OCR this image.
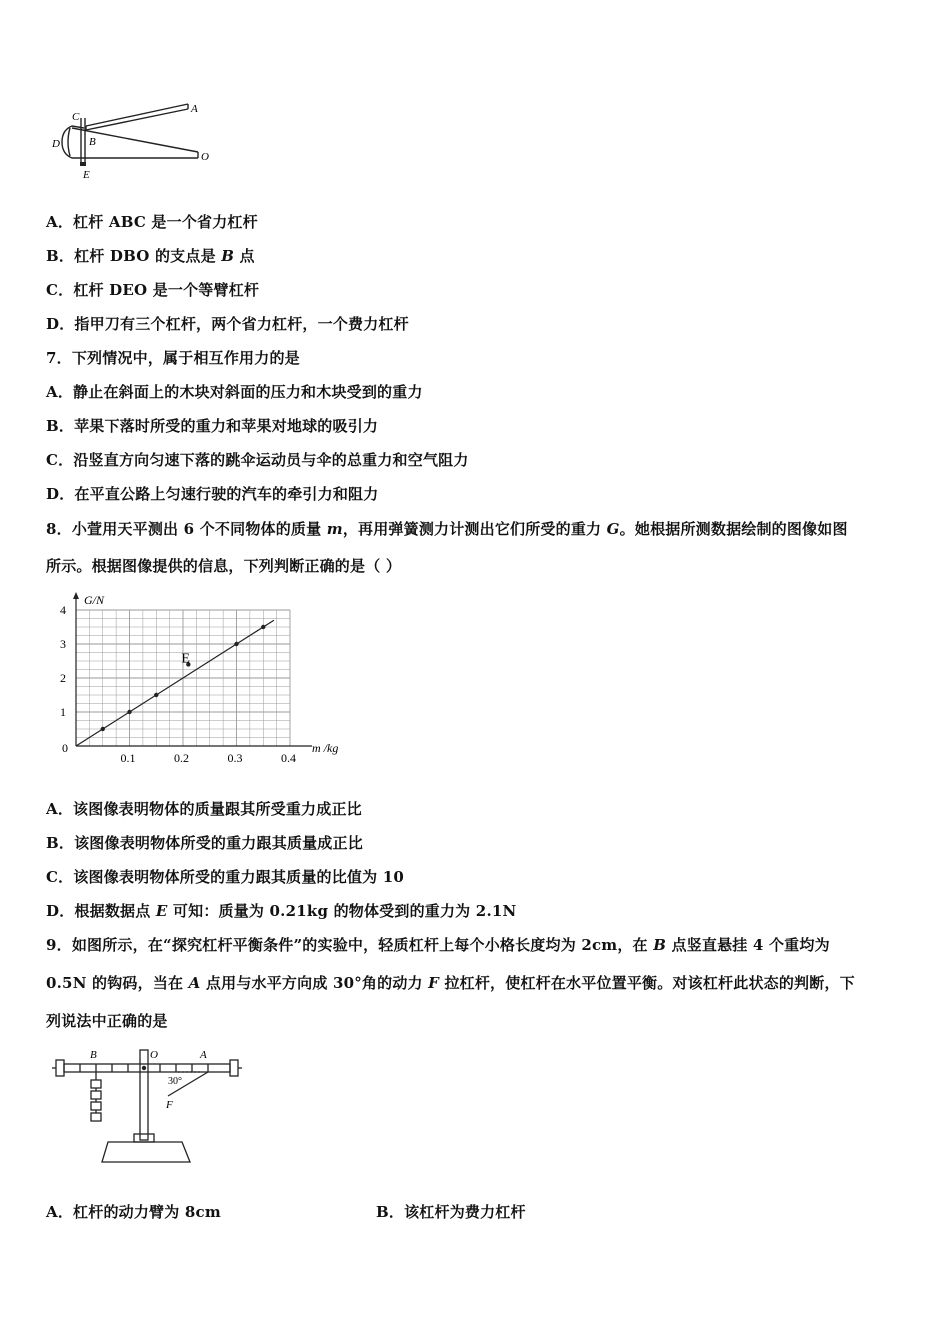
A
B
C
D
E
O
A．杠杆 ABC 是一个省力杠杆
B．杠杆 DBO 的支点是 B 点
C．杠杆 DEO 是一个等臂杠杆
D．指甲刀有三个杠杆，两个省力杠杆，一个费力杠杆
7．下列情况中，属于相互作用力的是
A．静止在斜面上的木块对斜面的压力和木块受到的重力
B．苹果下落时所受的重力和苹果对地球的吸引力
C．沿竖直方向匀速下落的跳伞运动员与伞的总重力和空气阻力
D．在平直公路上匀速行驶的汽车的牵引力和阻力
8．小萱用天平测出 6 个不同物体的质量 m，再用弹簧测力计测出它们所受的重力 G。她根据所测数据绘制的图像如图
所示。根据图像提供的信息，下列判断正确的是（ ）
0.1	0.2	0.3	0.4
1
2
3
4
G/N
m /kg
0
E
A．该图像表明物体的质量跟其所受重力成正比
B．该图像表明物体所受的重力跟其质量成正比
C．该图像表明物体所受的重力跟其质量的比值为 10
D．根据数据点 E 可知：质量为 0.21kg 的物体受到的重力为 2.1N
9．如图所示，在“探究杠杆平衡条件”的实验中，轻质杠杆上每个小格长度均为 2cm，在 B 点竖直悬挂 4 个重均为
0.5N 的钩码，当在 A 点用与水平方向成 30°角的动力 F 拉杠杆，使杠杆在水平位置平衡。对该杠杆此状态的判断，下
列说法中正确的是
B	O	A
30°
F
A．杠杆的动力臂为 8cm	B．该杠杆为费力杠杆
